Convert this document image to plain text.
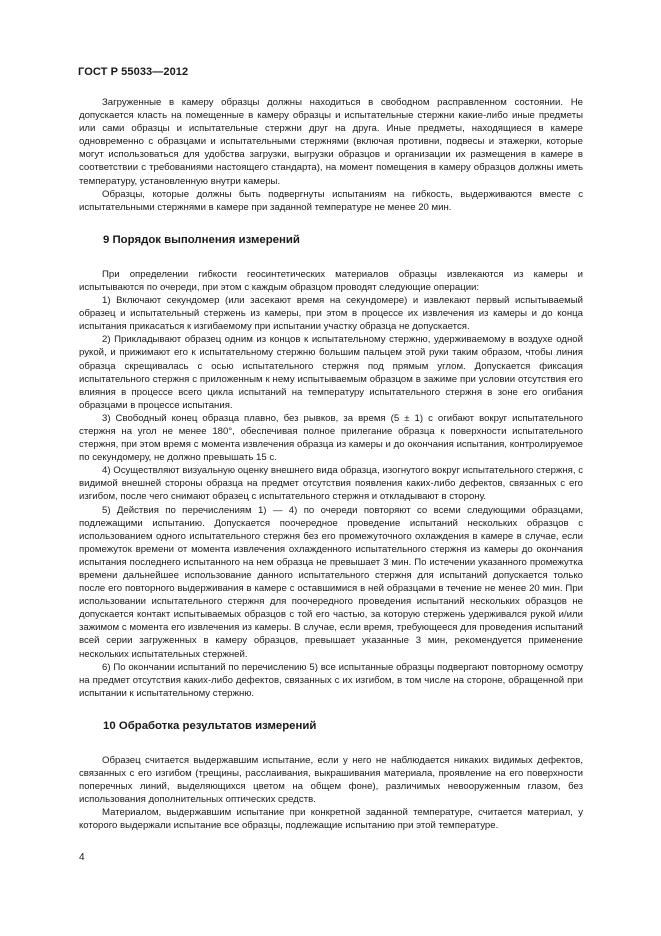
ГОСТ Р 55033—2012

Загруженные в камеру образцы должны находиться в свободном расправленном состоянии. Не допускается класть на помещенные в камеру образцы и испытательные стержни какие-либо иные предметы или сами образцы и испытательные стержни друг на друга. Иные предметы, находящиеся в камере одновременно с образцами и испытательными стержнями (включая противни, подвесы и этажерки, которые могут использоваться для удобства загрузки, выгрузки образцов и организации их размещения в камере в соответствии с требованиями настоящего стандарта), на момент помещения в камеру образцов должны иметь температуру, установленную внутри камеры.

Образцы, которые должны быть подвергнуты испытаниям на гибкость, выдерживаются вместе с испытательными стержнями в камере при заданной температуре не менее 20 мин.

9 Порядок выполнения измерений

При определении гибкости геосинтетических материалов образцы извлекаются из камеры и испытываются по очереди, при этом с каждым образцом проводят следующие операции:

1) Включают секундомер (или засекают время на секундомере) и извлекают первый испытываемый образец и испытательный стержень из камеры, при этом в процессе их извлечения из камеры и до конца испытания прикасаться к изгибаемому при испытании участку образца не допускается.

2) Прикладывают образец одним из концов к испытательному стержню, удерживаемому в воздухе одной рукой, и прижимают его к испытательному стержню большим пальцем этой руки таким образом, чтобы линия образца скрещивалась с осью испытательного стержня под прямым углом. Допускается фиксация испытательного стержня с приложенным к нему испытываемым образцом в зажиме при условии отсутствия его влияния в процессе всего цикла испытаний на температуру испытательного стержня в зоне его огибания образцами в процессе испытания.

3) Свободный конец образца плавно, без рывков, за время (5 ± 1) с огибают вокруг испытательного стержня на угол не менее 180°, обеспечивая полное прилегание образца к поверхности испытательного стержня, при этом время с момента извлечения образца из камеры и до окончания испытания, контролируемое по секундомеру, не должно превышать 15 с.

4) Осуществляют визуальную оценку внешнего вида образца, изогнутого вокруг испытательного стержня, с видимой внешней стороны образца на предмет отсутствия появления каких-либо дефектов, связанных с его изгибом, после чего снимают образец с испытательного стержня и откладывают в сторону.

5) Действия по перечислениям 1) — 4) по очереди повторяют со всеми следующими образцами, подлежащими испытанию. Допускается поочередное проведение испытаний нескольких образцов с использованием одного испытательного стержня без его промежуточного охлаждения в камере в случае, если промежуток времени от момента извлечения охлажденного испытательного стержня из камеры до окончания испытания последнего испытанного на нем образца не превышает 3 мин. По истечении указанного промежутка времени дальнейшее использование данного испытательного стержня для испытаний допускается только после его повторного выдерживания в камере с оставшимися в ней образцами в течение не менее 20 мин. При использовании испытательного стержня для поочередного проведения испытаний нескольких образцов не допускается контакт испытываемых образцов с той его частью, за которую стержень удерживался рукой и/или зажимом с момента его извлечения из камеры. В случае, если время, требующееся для проведения испытаний всей серии загруженных в камеру образцов, превышает указанные 3 мин, рекомендуется применение нескольких испытательных стержней.

6) По окончании испытаний по перечислению 5) все испытанные образцы подвергают повторному осмотру на предмет отсутствия каких-либо дефектов, связанных с их изгибом, в том числе на стороне, обращенной при испытании к испытательному стержню.

10 Обработка результатов измерений

Образец считается выдержавшим испытание, если у него не наблюдается никаких видимых дефектов, связанных с его изгибом (трещины, расслаивания, выкрашивания материала, проявление на его поверхности поперечных линий, выделяющихся цветом на общем фоне), различимых невооруженным глазом, без использования дополнительных оптических средств.

Материалом, выдержавшим испытание при конкретной заданной температуре, считается материал, у которого выдержали испытание все образцы, подлежащие испытанию при этой температуре.

4
